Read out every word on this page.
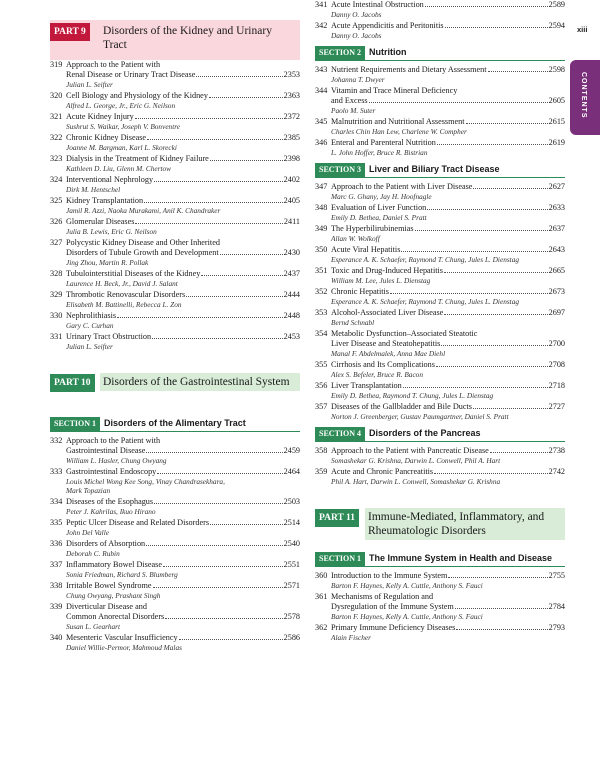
PART 9	Disorders of the Kidney and Urinary Tract
319 Approach to the Patient with
Renal Disease or Urinary Tract Disease	2353
Julian L. Seifter
320 Cell Biology and Physiology of the Kidney	2363
Alfred L. George, Jr., Eric G. Neilson
321 Acute Kidney Injury	2372
Sushrut S. Waikar, Joseph V. Bonventre
322 Chronic Kidney Disease	2385
Joanne M. Bargman, Karl L. Skorecki
323 Dialysis in the Treatment of Kidney Failure	2398
Kathleen D. Liu, Glenn M. Chertow
324 Interventional Nephrology	2402
Dirk M. Hentschel
325 Kidney Transplantation	2405
Jamil R. Azzi, Naoka Murakami, Anil K. Chandraker
326 Glomerular Diseases	2411
Julia B. Lewis, Eric G. Neilson
327 Polycystic Kidney Disease and Other Inherited
Disorders of Tubule Growth and Development	2430
Jing Zhou, Martin R. Pollak
328 Tubulointerstitial Diseases of the Kidney	2437
Laurence H. Beck, Jr., David J. Salant
329 Thrombotic Renovascular Disorders	2444
Elisabeth M. Battinelli, Rebecca L. Zon
330 Nephrolithiasis	2448
Gary C. Curhan
331 Urinary Tract Obstruction	2453
Julian L. Seifter
PART 10	Disorders of the Gastrointestinal System
SECTION 1 Disorders of the Alimentary Tract
332 Approach to the Patient with
Gastrointestinal Disease	2459
William L. Hasler, Chung Owyang
333 Gastrointestinal Endoscopy	2464
Louis Michel Wong Kee Song, Vinay Chandrasekhara,
Mark Topazian
334 Diseases of the Esophagus	2503
Peter J. Kahrilas, Ikuo Hirano
335 Peptic Ulcer Disease and Related Disorders	2514
John Del Valle
336 Disorders of Absorption	2540
Deborah C. Rubin
337 Inflammatory Bowel Disease	2551
Sonia Friedman, Richard S. Blumberg
338 Irritable Bowel Syndrome	2571
Chung Owyang, Prashant Singh
339 Diverticular Disease and
Common Anorectal Disorders	2578
Susan L. Gearhart
340 Mesenteric Vascular Insufficiency	2586
Daniel Willie-Permor, Mahmoud Malas
341 Acute Intestinal Obstruction	2589
Danny O. Jacobs
342 Acute Appendicitis and Peritonitis	2594
Danny O. Jacobs
SECTION 2 Nutrition
343 Nutrient Requirements and Dietary Assessment	2598
Johanna T. Dwyer
344 Vitamin and Trace Mineral Deficiency
and Excess	2605
Paolo M. Suter
345 Malnutrition and Nutritional Assessment	2615
Charles Chin Han Lew, Charlene W. Compher
346 Enteral and Parenteral Nutrition	2619
L. John Hoffer, Bruce R. Bistrian
SECTION 3 Liver and Biliary Tract Disease
347 Approach to the Patient with Liver Disease	2627
Marc G. Ghany, Jay H. Hoofnagle
348 Evaluation of Liver Function	2633
Emily D. Bethea, Daniel S. Pratt
349 The Hyperbilirubinemias	2637
Allan W. Wolkoff
350 Acute Viral Hepatitis	2643
Esperance A. K. Schaefer, Raymond T. Chung, Jules L. Dienstag
351 Toxic and Drug-Induced Hepatitis	2665
William M. Lee, Jules L. Dienstag
352 Chronic Hepatitis	2673
Esperance A. K. Schaefer, Raymond T. Chung, Jules L. Dienstag
353 Alcohol-Associated Liver Disease	2697
Bernd Schnabl
354 Metabolic Dysfunction–Associated Steatotic
Liver Disease and Steatohepatitis	2700
Manal F. Abdelmalek, Anna Mae Diehl
355 Cirrhosis and Its Complications	2708
Alex S. Befeler, Bruce R. Bacon
356 Liver Transplantation	2718
Emily D. Bethea, Raymond T. Chung, Jules L. Dienstag
357 Diseases of the Gallbladder and Bile Ducts	2727
Norton J. Greenberger, Gustav Paumgartner, Daniel S. Pratt
SECTION 4 Disorders of the Pancreas
358 Approach to the Patient with Pancreatic Disease	2738
Somashekar G. Krishna, Darwin L. Conwell, Phil A. Hart
359 Acute and Chronic Pancreatitis	2742
Phil A. Hart, Darwin L. Conwell, Somashekar G. Krishna
PART 11	Immune-Mediated, Inflammatory, and Rheumatologic Disorders
SECTION 1 The Immune System in Health and Disease
360 Introduction to the Immune System	2755
Barton F. Haynes, Kelly A. Cuttle, Anthony S. Fauci
361 Mechanisms of Regulation and
Dysregulation of the Immune System	2784
Barton F. Haynes, Kelly A. Cuttle, Anthony S. Fauci
362 Primary Immune Deficiency Diseases	2793
Alain Fischer
xiii
CONTENTS
